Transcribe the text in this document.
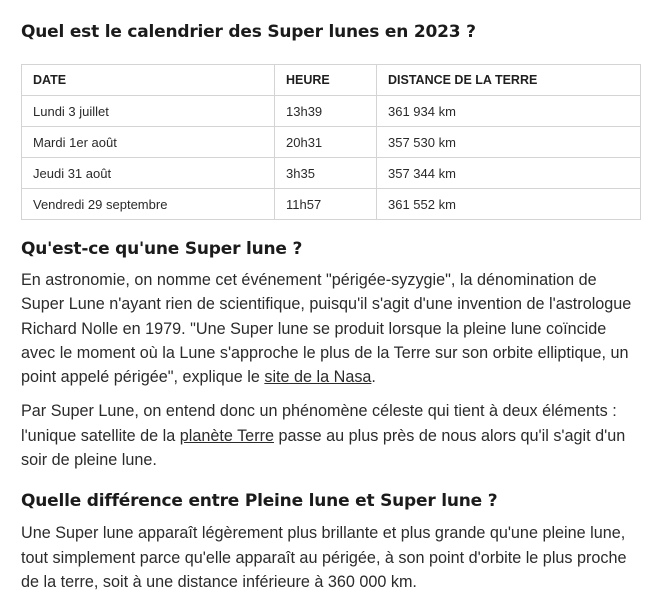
Quel est le calendrier des Super lunes en 2023 ?
DATE	HEURE	DISTANCE DE LA TERRE
Lundi 3 juillet	13h39	361 934 km
Mardi 1er août	20h31	357 530 km
Jeudi 31 août	3h35	357 344 km
Vendredi 29 septembre	11h57	361 552 km
Qu'est-ce qu'une Super lune ?

En astronomie, on nomme cet événement "périgée-syzygie", la dénomination de Super Lune n'ayant rien de scientifique, puisqu'il s'agit d'une invention de l'astrologue Richard Nolle en 1979. "Une Super lune se produit lorsque la pleine lune coïncide avec le moment où la Lune s'approche le plus de la Terre sur son orbite elliptique, un point appelé périgée", explique le site de la Nasa.

Par Super Lune, on entend donc un phénomène céleste qui tient à deux éléments : l'unique satellite de la planète Terre passe au plus près de nous alors qu'il s'agit d'un soir de pleine lune.

Quelle différence entre Pleine lune et Super lune ?

Une Super lune apparaît légèrement plus brillante et plus grande qu'une pleine lune, tout simplement parce qu'elle apparaît au périgée, à son point d'orbite le plus proche de la terre, soit à une distance inférieure à 360 000 km.
